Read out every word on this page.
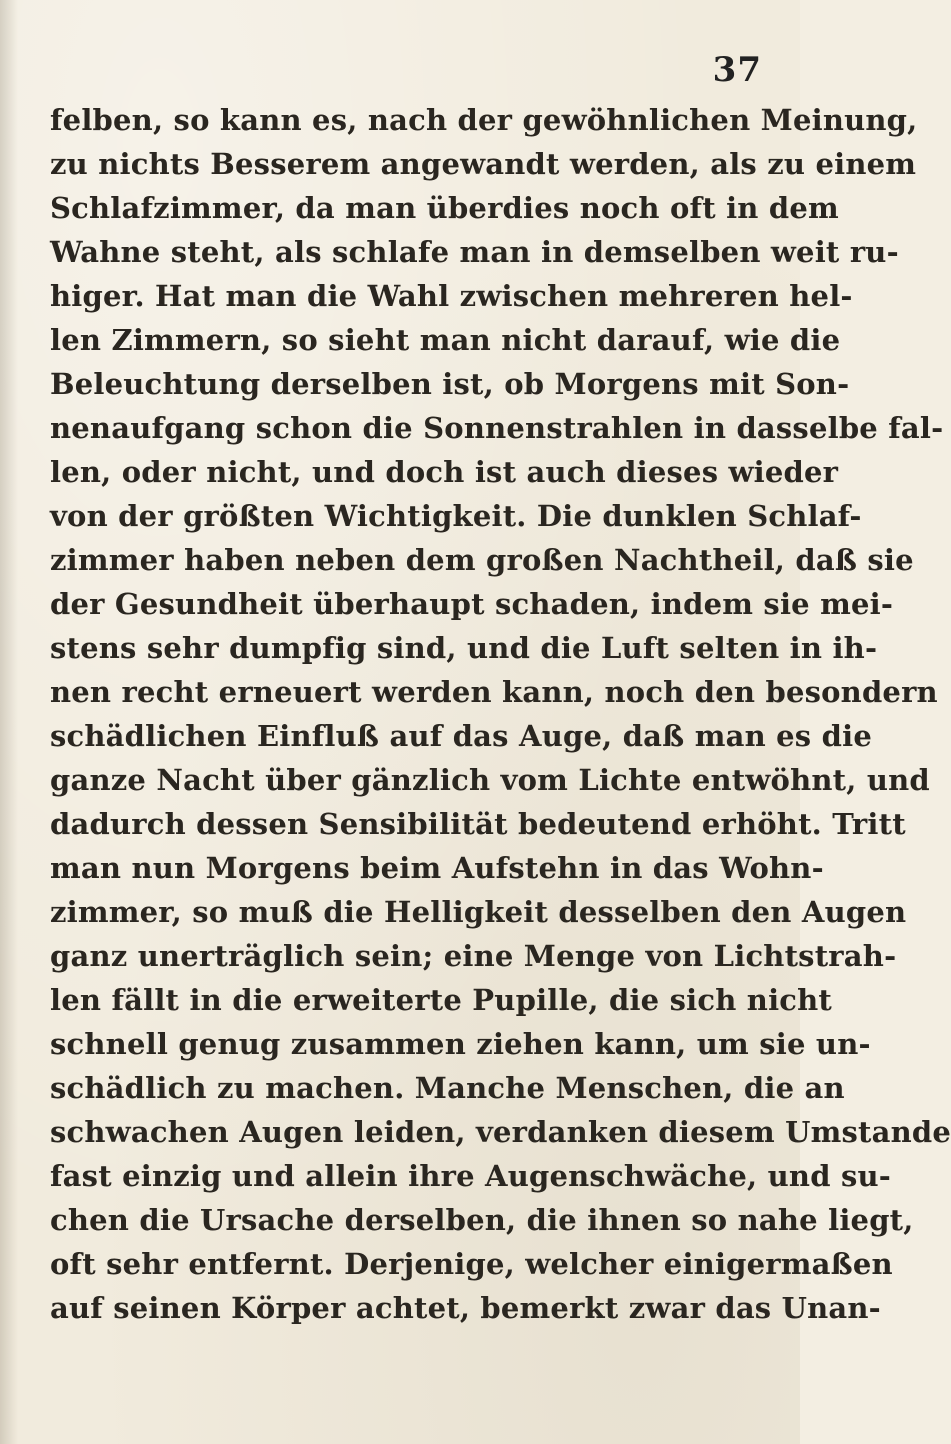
37
felben, so kann es, nach der gewöhnlichen Meinung,
zu nichts Besserem angewandt werden, als zu einem
Schlafzimmer, da man überdies noch oft in dem
Wahne steht, als schlafe man in demselben weit ru-
higer. Hat man die Wahl zwischen mehreren hel-
len Zimmern, so sieht man nicht darauf, wie die
Beleuchtung derselben ist, ob Morgens mit Son-
nenaufgang schon die Sonnenstrahlen in dasselbe fal-
len, oder nicht, und doch ist auch dieses wieder
von der größten Wichtigkeit. Die dunklen Schlaf-
zimmer haben neben dem großen Nachtheil, daß sie
der Gesundheit überhaupt schaden, indem sie mei-
stens sehr dumpfig sind, und die Luft selten in ih-
nen recht erneuert werden kann, noch den besondern
schädlichen Einfluß auf das Auge, daß man es die
ganze Nacht über gänzlich vom Lichte entwöhnt, und
dadurch dessen Sensibilität bedeutend erhöht. Tritt
man nun Morgens beim Aufstehn in das Wohn-
zimmer, so muß die Helligkeit desselben den Augen
ganz unerträglich sein; eine Menge von Lichtstrah-
len fällt in die erweiterte Pupille, die sich nicht
schnell genug zusammen ziehen kann, um sie un-
schädlich zu machen. Manche Menschen, die an
schwachen Augen leiden, verdanken diesem Umstande
fast einzig und allein ihre Augenschwäche, und su-
chen die Ursache derselben, die ihnen so nahe liegt,
oft sehr entfernt. Derjenige, welcher einigermaßen
auf seinen Körper achtet, bemerkt zwar das Unan-
